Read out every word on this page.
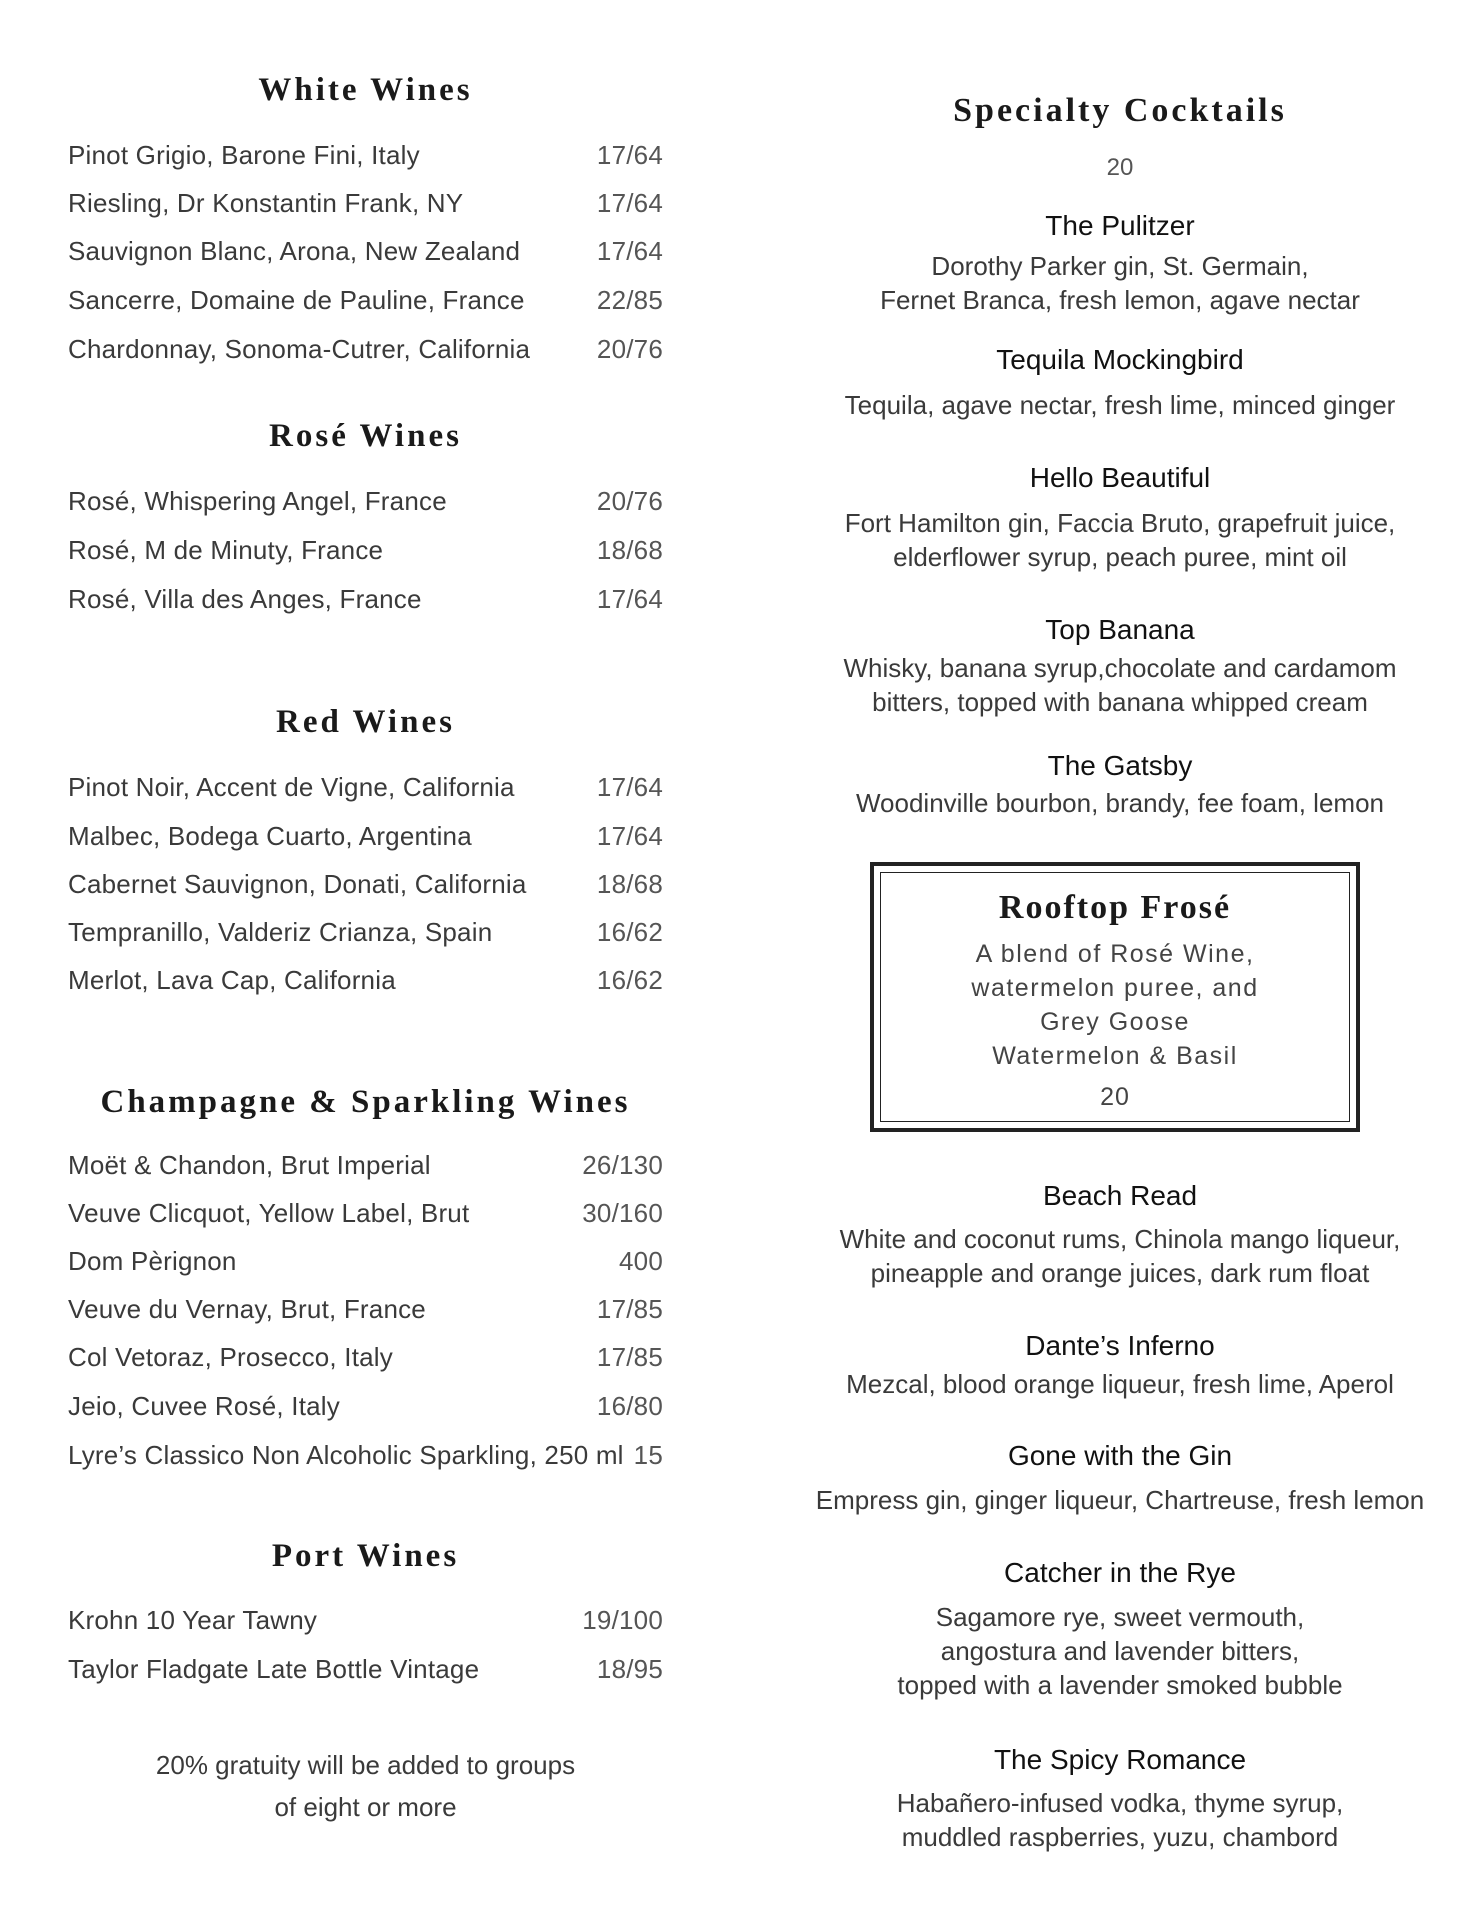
White Wines
Pinot Grigio, Barone Fini, Italy	17/64
Riesling, Dr Konstantin Frank, NY	17/64
Sauvignon Blanc, Arona, New Zealand	17/64
Sancerre, Domaine de Pauline, France	22/85
Chardonnay, Sonoma-Cutrer, California	20/76
Rosé Wines
Rosé, Whispering Angel, France	20/76
Rosé, M de Minuty, France	18/68
Rosé, Villa des Anges, France	17/64
Red Wines
Pinot Noir, Accent de Vigne, California	17/64
Malbec, Bodega Cuarto, Argentina	17/64
Cabernet Sauvignon, Donati, California	18/68
Tempranillo, Valderiz Crianza, Spain	16/62
Merlot, Lava Cap, California	16/62
Champagne & Sparkling Wines
Moët & Chandon, Brut Imperial	26/130
Veuve Clicquot, Yellow Label, Brut	30/160
Dom Pèrignon	400
Veuve du Vernay, Brut, France	17/85
Col Vetoraz, Prosecco, Italy	17/85
Jeio, Cuvee Rosé, Italy	16/80
Lyre’s Classico Non Alcoholic Sparkling, 250 ml 15
Port Wines
Krohn 10 Year Tawny	19/100
Taylor Fladgate Late Bottle Vintage	18/95
20% gratuity will be added to groups
of eight or more
Specialty Cocktails
20
The Pulitzer
Dorothy Parker gin, St. Germain,
Fernet Branca, fresh lemon, agave nectar
Tequila Mockingbird
Tequila, agave nectar, fresh lime, minced ginger
Hello Beautiful
Fort Hamilton gin, Faccia Bruto, grapefruit juice,
elderflower syrup, peach puree, mint oil
Top Banana
Whisky, banana syrup,chocolate and cardamom
bitters, topped with banana whipped cream
The Gatsby
Woodinville bourbon, brandy, fee foam, lemon
Beach Read
White and coconut rums, Chinola mango liqueur,
pineapple and orange juices, dark rum float
Dante’s Inferno
Mezcal, blood orange liqueur, fresh lime, Aperol
Gone with the Gin
Empress gin, ginger liqueur, Chartreuse, fresh lemon
Catcher in the Rye
Sagamore rye, sweet vermouth,
angostura and lavender bitters,
topped with a lavender smoked bubble
The Spicy Romance
Habañero-infused vodka, thyme syrup,
muddled raspberries, yuzu, chambord
Rooftop Frosé
A blend of Rosé Wine,
watermelon puree, and
Grey Goose
Watermelon & Basil
20
